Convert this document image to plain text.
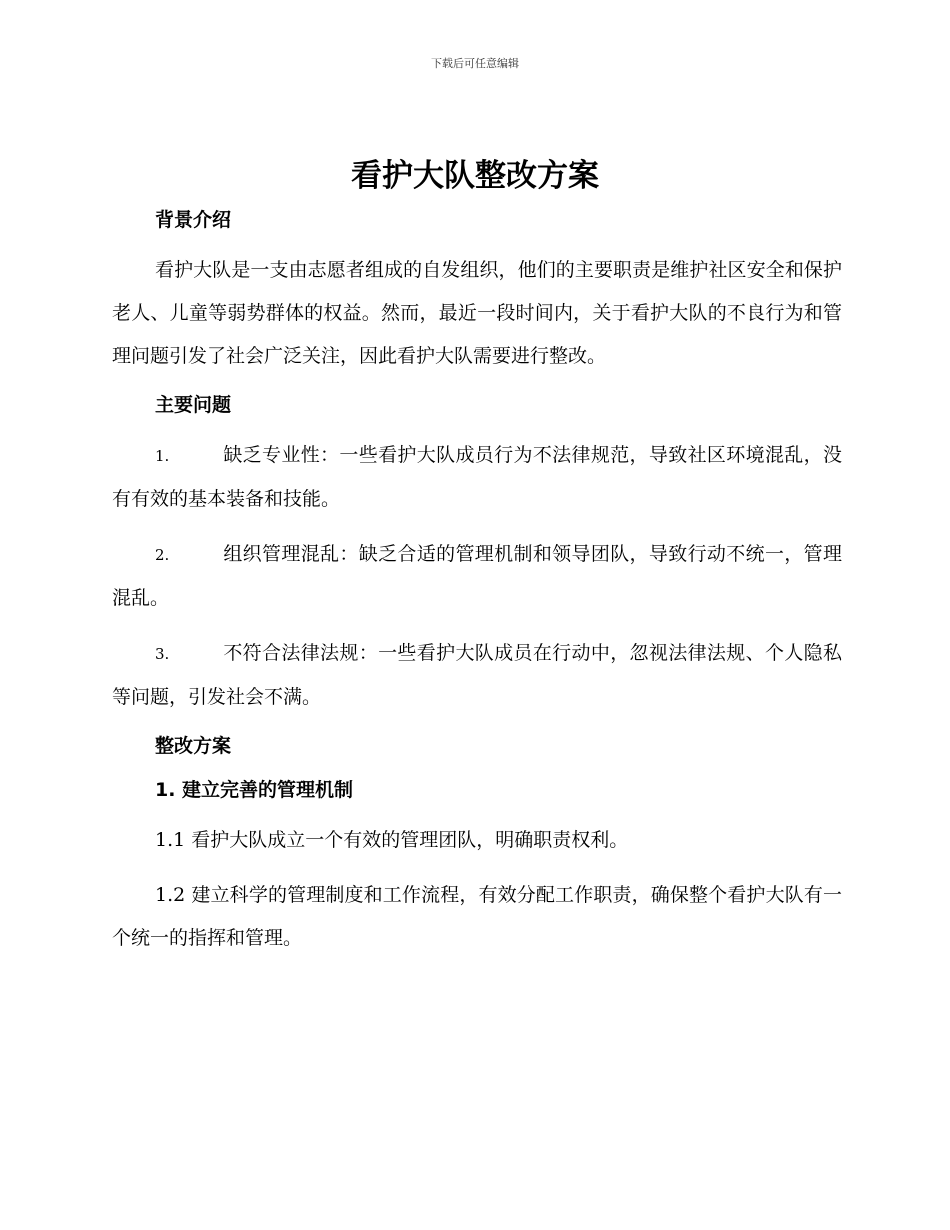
下载后可任意编辑
看护大队整改方案
背景介绍

看护大队是一支由志愿者组成的自发组织，他们的主要职责是维护社区安全和保护老人、儿童等弱势群体的权益。然而，最近一段时间内，关于看护大队的不良行为和管理问题引发了社会广泛关注，因此看护大队需要进行整改。

主要问题

1.	缺乏专业性：一些看护大队成员行为不法律规范，导致社区环境混乱，没有有效的基本装备和技能。

2.	组织管理混乱：缺乏合适的管理机制和领导团队，导致行动不统一，管理混乱。

3.	不符合法律法规：一些看护大队成员在行动中，忽视法律法规、个人隐私等问题，引发社会不满。

整改方案
1. 建立完善的管理机制

1.1 看护大队成立一个有效的管理团队，明确职责权利。

1.2 建立科学的管理制度和工作流程，有效分配工作职责，确保整个看护大队有一个统一的指挥和管理。
